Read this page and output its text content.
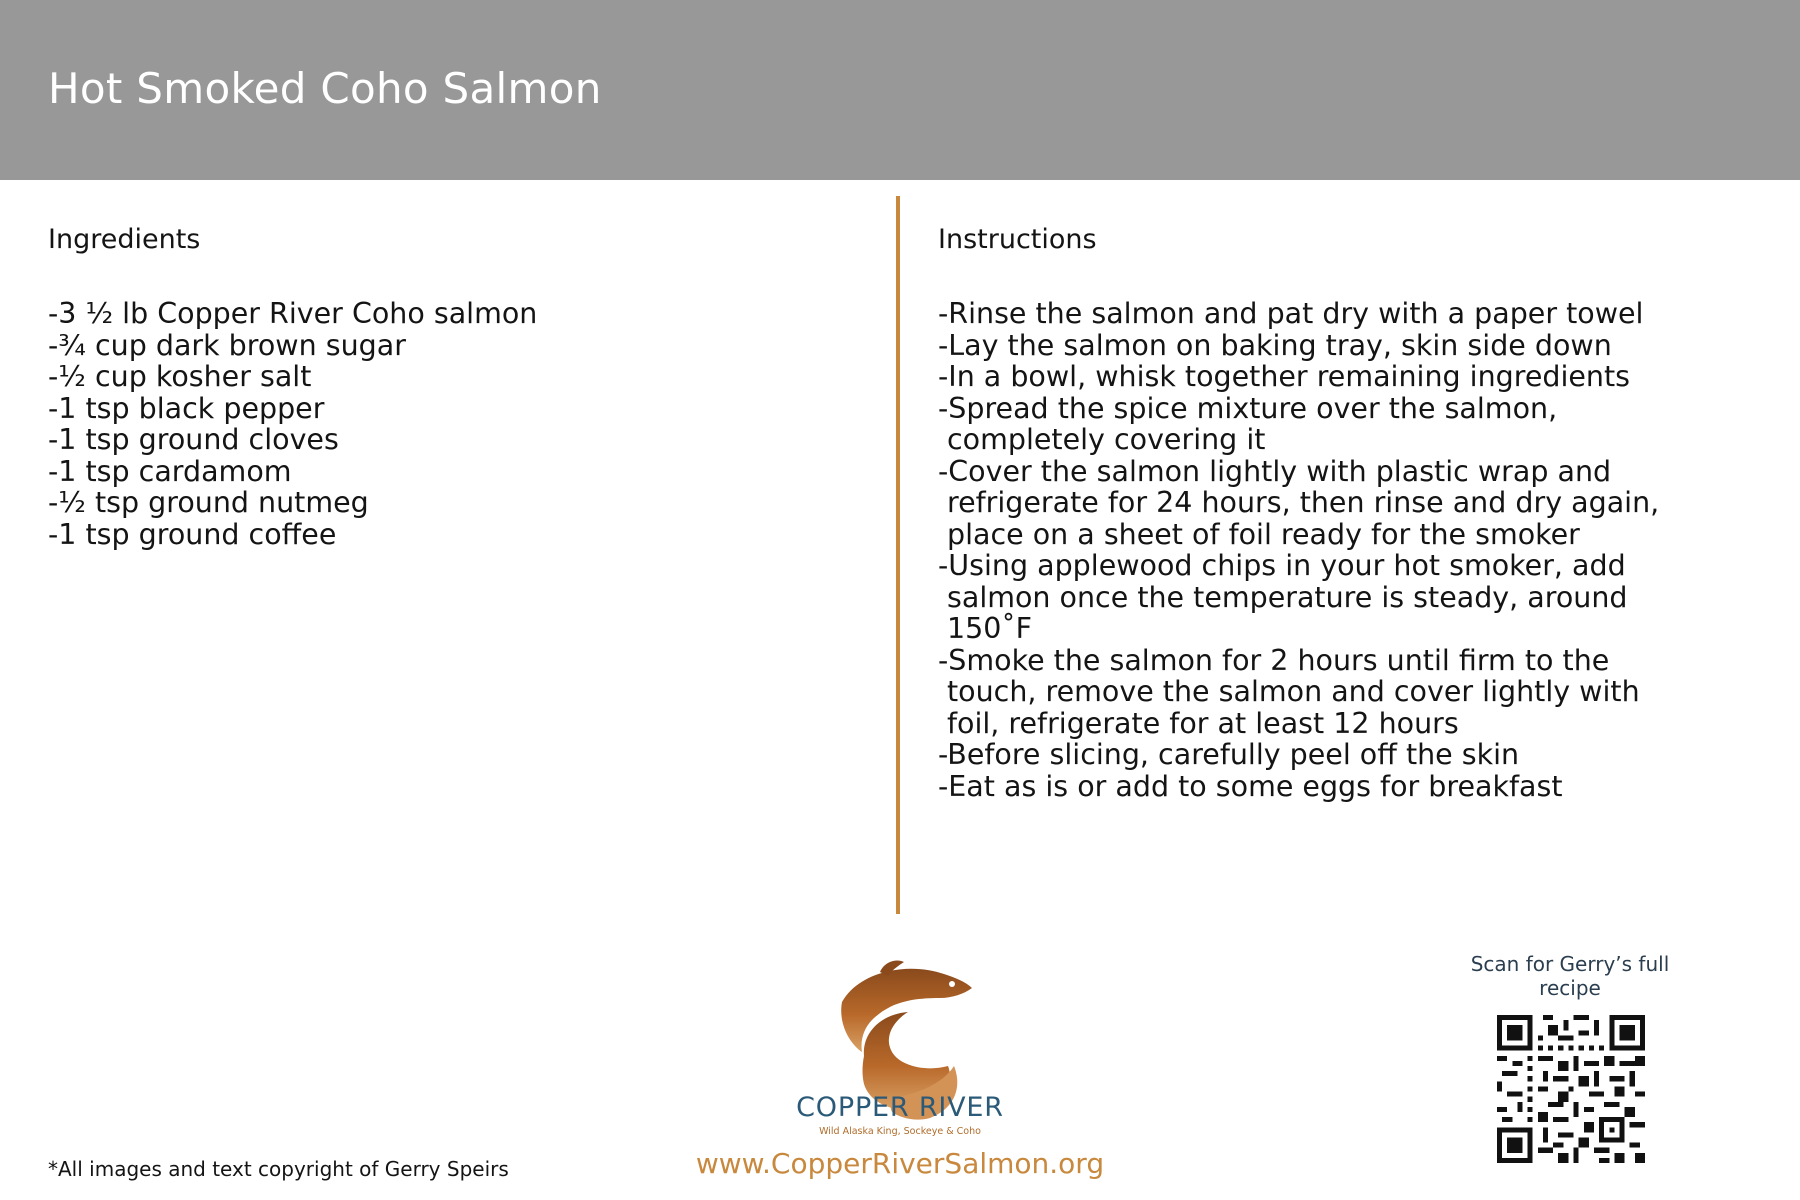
Hot Smoked Coho Salmon
Ingredients
-3 ½ lb Copper River Coho salmon
-¾ cup dark brown sugar
-½ cup kosher salt
-1 tsp black pepper
-1 tsp ground cloves
-1 tsp cardamom
-½ tsp ground nutmeg
-1 tsp ground coffee
Instructions
-Rinse the salmon and pat dry with a paper towel
-Lay the salmon on baking tray, skin side down
-In a bowl, whisk together remaining ingredients
-Spread the spice mixture over the salmon,
completely covering it
-Cover the salmon lightly with plastic wrap and
refrigerate for 24 hours, then rinse and dry again,
place on a sheet of foil ready for the smoker
-Using applewood chips in your hot smoker, add
salmon once the temperature is steady, around
150˚F
-Smoke the salmon for 2 hours until firm to the
touch, remove the salmon and cover lightly with
foil, refrigerate for at least 12 hours
-Before slicing, carefully peel off the skin
-Eat as is or add to some eggs for breakfast
COPPER RIVER
Wild Alaska King, Sockeye & Coho
www.CopperRiverSalmon.org
*All images and text copyright of Gerry Speirs
Scan for Gerry’s full recipe
